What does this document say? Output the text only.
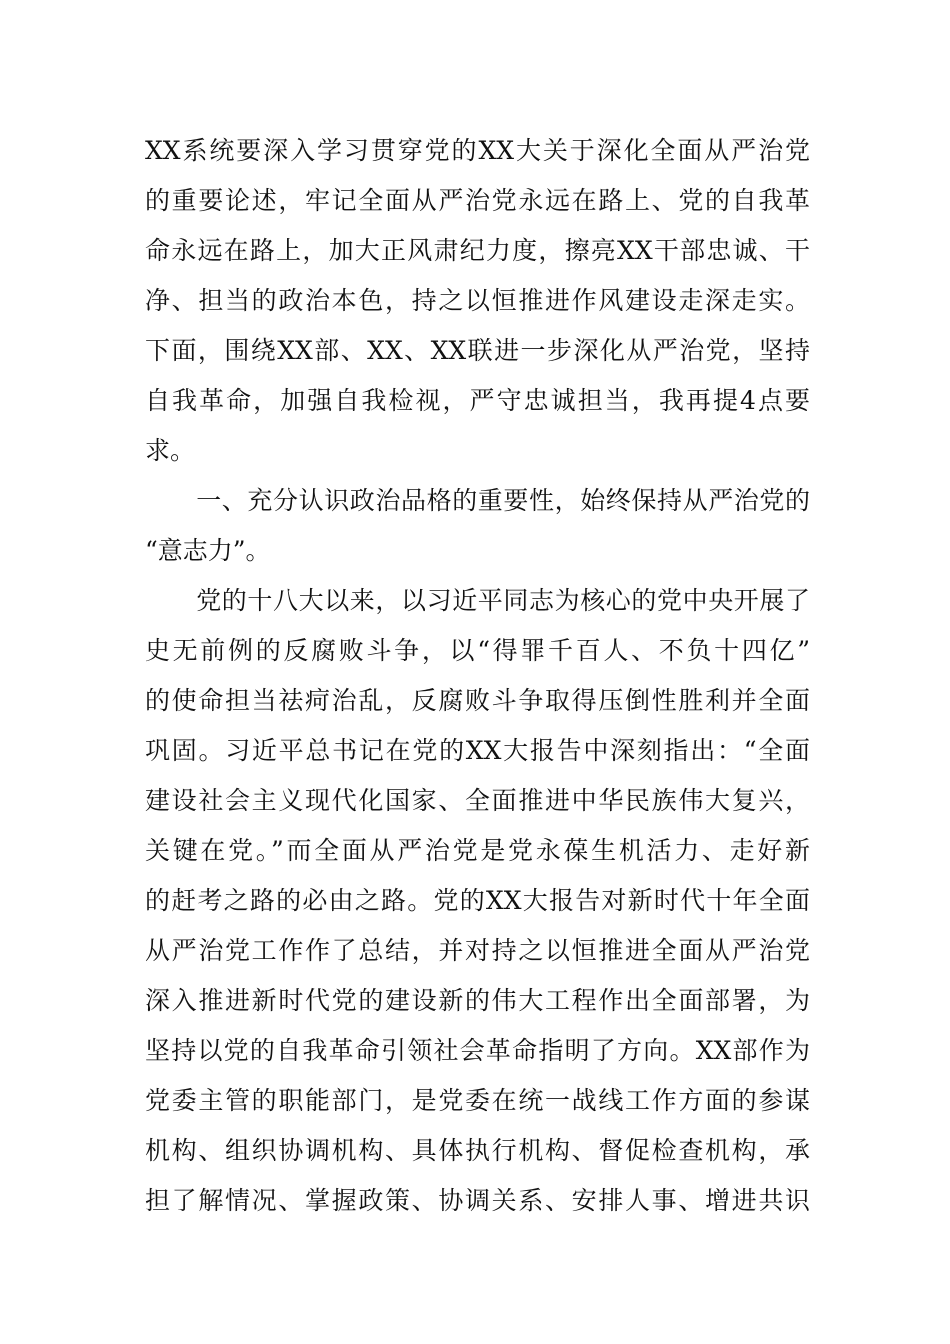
XX系统要深入学习贯穿党的XX大关于深化全面从严治党
的重要论述，牢记全面从严治党永远在路上、党的自我革
命永远在路上，加大正风肃纪力度，擦亮XX干部忠诚、干
净、担当的政治本色，持之以恒推进作风建设走深走实。
下面，围绕XX部、XX、XX联进一步深化从严治党，坚持
自我革命，加强自我检视，严守忠诚担当，我再提4点要
求。
　　一、充分认识政治品格的重要性，始终保持从严治党的
“意志力”。
　　党的十八大以来，以习近平同志为核心的党中央开展了
史无前例的反腐败斗争，以“得罪千百人、不负十四亿”
的使命担当祛疴治乱，反腐败斗争取得压倒性胜利并全面
巩固。习近平总书记在党的XX大报告中深刻指出：“全面
建设社会主义现代化国家、全面推进中华民族伟大复兴，
关键在党。”而全面从严治党是党永葆生机活力、走好新
的赶考之路的必由之路。党的XX大报告对新时代十年全面
从严治党工作作了总结，并对持之以恒推进全面从严治党
深入推进新时代党的建设新的伟大工程作出全面部署，为
坚持以党的自我革命引领社会革命指明了方向。XX部作为
党委主管的职能部门，是党委在统一战线工作方面的参谋
机构、组织协调机构、具体执行机构、督促检查机构，承
担了解情况、掌握政策、协调关系、安排人事、增进共识
